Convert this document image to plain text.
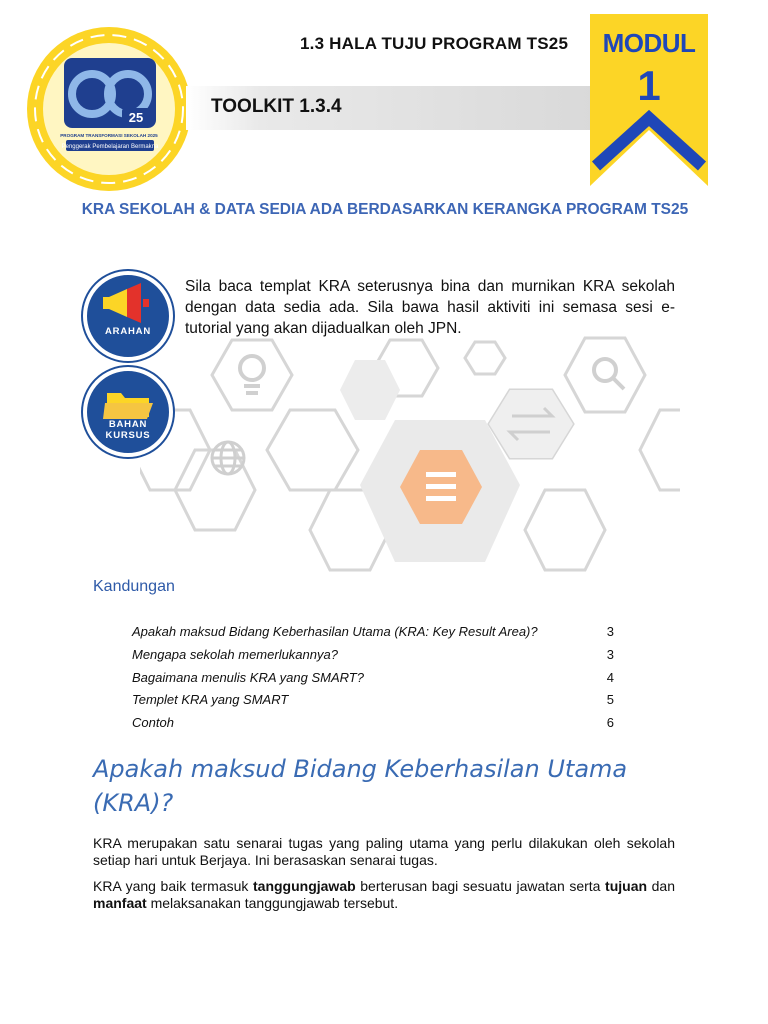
25
PROGRAM TRANSFORMASI SEKOLAH 2025
Penggerak Pembelajaran Bermakna
1.3 HALA TUJU PROGRAM TS25
TOOLKIT 1.3.4
MODUL
1
KRA SEKOLAH & DATA SEDIA ADA BERDASARKAN KERANGKA PROGRAM TS25
ARAHAN
BAHAN
KURSUS
Sila baca templat KRA seterusnya bina dan murnikan KRA sekolah dengan data sedia ada. Sila bawa hasil aktiviti ini semasa sesi e-tutorial yang akan dijadualkan oleh JPN.
Kandungan
Apakah maksud Bidang Keberhasilan Utama (KRA: Key Result Area)?	3
Mengapa sekolah memerlukannya?	3
Bagaimana menulis KRA yang SMART?	4
Templet KRA yang SMART	5
Contoh	6
Apakah maksud Bidang Keberhasilan Utama (KRA)?

KRA merupakan satu senarai tugas yang paling utama yang perlu dilakukan oleh sekolah setiap hari untuk Berjaya. Ini berasaskan senarai tugas.

KRA yang baik termasuk tanggungjawab berterusan bagi sesuatu jawatan serta tujuan dan manfaat melaksanakan tanggungjawab tersebut.
